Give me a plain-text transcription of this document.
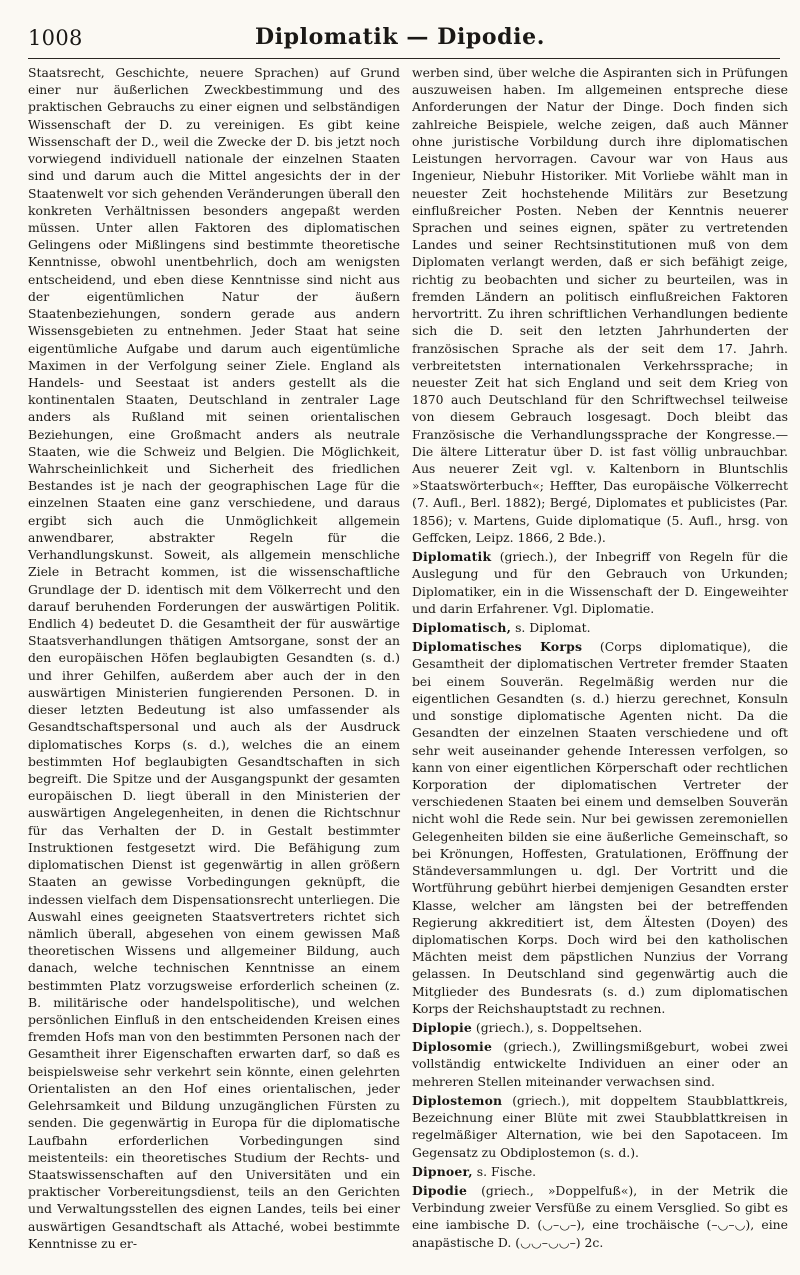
1008	Diplomatik — Dipodie.

Staatsrecht, Geschichte, neuere Sprachen) auf Grund einer nur äußerlichen Zweckbestimmung und des praktischen Gebrauchs zu einer eignen und selbständigen Wissenschaft der D. zu vereinigen. Es gibt keine Wissenschaft der D., weil die Zwecke der D. bis jetzt noch vorwiegend individuell nationale der einzelnen Staaten sind und darum auch die Mittel angesichts der in der Staatenwelt vor sich gehenden Veränderungen überall den konkreten Verhältnissen besonders angepaßt werden müssen. Unter allen Faktoren des diplomatischen Gelingens oder Mißlingens sind bestimmte theoretische Kenntnisse, obwohl unentbehrlich, doch am wenigsten entscheidend, und eben diese Kenntnisse sind nicht aus der eigentümlichen Natur der äußern Staatenbeziehungen, sondern gerade aus andern Wissensgebieten zu entnehmen. Jeder Staat hat seine eigentümliche Aufgabe und darum auch eigentümliche Maximen in der Verfolgung seiner Ziele. England als Handels- und Seestaat ist anders gestellt als die kontinentalen Staaten, Deutschland in zentraler Lage anders als Rußland mit seinen orientalischen Beziehungen, eine Großmacht anders als neutrale Staaten, wie die Schweiz und Belgien. Die Möglichkeit, Wahrscheinlichkeit und Sicherheit des friedlichen Bestandes ist je nach der geographischen Lage für die einzelnen Staaten eine ganz verschiedene, und daraus ergibt sich auch die Unmöglichkeit allgemein anwendbarer, abstrakter Regeln für die Verhandlungskunst. Soweit, als allgemein menschliche Ziele in Betracht kommen, ist die wissenschaftliche Grundlage der D. identisch mit dem Völkerrecht und den darauf beruhenden Forderungen der auswärtigen Politik. Endlich 4) bedeutet D. die Gesamtheit der für auswärtige Staatsverhandlungen thätigen Amtsorgane, sonst der an den europäischen Höfen beglaubigten Gesandten (s. d.) und ihrer Gehilfen, außerdem aber auch der in den auswärtigen Ministerien fungierenden Personen. D. in dieser letzten Bedeutung ist also umfassender als Gesandtschaftspersonal und auch als der Ausdruck diplomatisches Korps (s. d.), welches die an einem bestimmten Hof beglaubigten Gesandtschaften in sich begreift. Die Spitze und der Ausgangspunkt der gesamten europäischen D. liegt überall in den Ministerien der auswärtigen Angelegenheiten, in denen die Richtschnur für das Verhalten der D. in Gestalt bestimmter Instruktionen festgesetzt wird. Die Befähigung zum diplomatischen Dienst ist gegenwärtig in allen größern Staaten an gewisse Vorbedingungen geknüpft, die indessen vielfach dem Dispensationsrecht unterliegen. Die Auswahl eines geeigneten Staatsvertreters richtet sich nämlich überall, abgesehen von einem gewissen Maß theoretischen Wissens und allgemeiner Bildung, auch danach, welche technischen Kenntnisse an einem bestimmten Platz vorzugsweise erforderlich scheinen (z. B. militärische oder handelspolitische), und welchen persönlichen Einfluß in den entscheidenden Kreisen eines fremden Hofs man von den bestimmten Personen nach der Gesamtheit ihrer Eigenschaften erwarten darf, so daß es beispielsweise sehr verkehrt sein könnte, einen gelehrten Orientalisten an den Hof eines orientalischen, jeder Gelehrsamkeit und Bildung unzugänglichen Fürsten zu senden. Die gegenwärtig in Europa für die diplomatische Laufbahn erforderlichen Vorbedingungen sind meistenteils: ein theoretisches Studium der Rechts- und Staatswissenschaften auf den Universitäten und ein praktischer Vorbereitungsdienst, teils an den Gerichten und Verwaltungsstellen des eignen Landes, teils bei einer auswärtigen Gesandtschaft als Attaché, wobei bestimmte Kenntnisse zu er-

werben sind, über welche die Aspiranten sich in Prüfungen auszuweisen haben. Im allgemeinen entspreche diese Anforderungen der Natur der Dinge. Doch finden sich zahlreiche Beispiele, welche zeigen, daß auch Männer ohne juristische Vorbildung durch ihre diplomatischen Leistungen hervorragen. Cavour war von Haus aus Ingenieur, Niebuhr Historiker. Mit Vorliebe wählt man in neuester Zeit hochstehende Militärs zur Besetzung einflußreicher Posten. Neben der Kenntnis neuerer Sprachen und seines eignen, später zu vertretenden Landes und seiner Rechtsinstitutionen muß von dem Diplomaten verlangt werden, daß er sich befähigt zeige, richtig zu beobachten und sicher zu beurteilen, was in fremden Ländern an politisch einflußreichen Faktoren hervortritt. Zu ihren schriftlichen Verhandlungen bediente sich die D. seit den letzten Jahrhunderten der französischen Sprache als der seit dem 17. Jahrh. verbreitetsten internationalen Verkehrssprache; in neuester Zeit hat sich England und seit dem Krieg von 1870 auch Deutschland für den Schriftwechsel teilweise von diesem Gebrauch losgesagt. Doch bleibt das Französische die Verhandlungssprache der Kongresse.— Die ältere Litteratur über D. ist fast völlig unbrauchbar. Aus neuerer Zeit vgl. v. Kaltenborn in Bluntschlis »Staatswörterbuch«; Heffter, Das europäische Völkerrecht (7. Aufl., Berl. 1882); Bergé, Diplomates et publicistes (Par. 1856); v. Martens, Guide diplomatique (5. Aufl., hrsg. von Geffcken, Leipz. 1866, 2 Bde.).

Diplomatik (griech.), der Inbegriff von Regeln für die Auslegung und für den Gebrauch von Urkunden; Diplomatiker, ein in die Wissenschaft der D. Eingeweihter und darin Erfahrener. Vgl. Diplomatie.

Diplomatisch, s. Diplomat.

Diplomatisches Korps (Corps diplomatique), die Gesamtheit der diplomatischen Vertreter fremder Staaten bei einem Souverän. Regelmäßig werden nur die eigentlichen Gesandten (s. d.) hierzu gerechnet, Konsuln und sonstige diplomatische Agenten nicht. Da die Gesandten der einzelnen Staaten verschiedene und oft sehr weit auseinander gehende Interessen verfolgen, so kann von einer eigentlichen Körperschaft oder rechtlichen Korporation der diplomatischen Vertreter der verschiedenen Staaten bei einem und demselben Souverän nicht wohl die Rede sein. Nur bei gewissen zeremoniellen Gelegenheiten bilden sie eine äußerliche Gemeinschaft, so bei Krönungen, Hoffesten, Gratulationen, Eröffnung der Ständeversammlungen u. dgl. Der Vortritt und die Wortführung gebührt hierbei demjenigen Gesandten erster Klasse, welcher am längsten bei der betreffenden Regierung akkreditiert ist, dem Ältesten (Doyen) des diplomatischen Korps. Doch wird bei den katholischen Mächten meist dem päpstlichen Nunzius der Vorrang gelassen. In Deutschland sind gegenwärtig auch die Mitglieder des Bundesrats (s. d.) zum diplomatischen Korps der Reichshauptstadt zu rechnen.

Diplopie (griech.), s. Doppeltsehen.

Diplosomie (griech.), Zwillingsmißgeburt, wobei zwei vollständig entwickelte Individuen an einer oder an mehreren Stellen miteinander verwachsen sind.

Diplostemon (griech.), mit doppeltem Staubblattkreis, Bezeichnung einer Blüte mit zwei Staubblattkreisen in regelmäßiger Alternation, wie bei den Sapotaceen. Im Gegensatz zu Obdiplostemon (s. d.).

Dipnoer, s. Fische.

Dipodie (griech., »Doppelfuß«), in der Metrik die Verbindung zweier Versfüße zu einem Versglied. So gibt es eine iambische D. (◡–◡–), eine trochäische (–◡–◡), eine anapästische D. (◡◡–◡◡–) 2c.
